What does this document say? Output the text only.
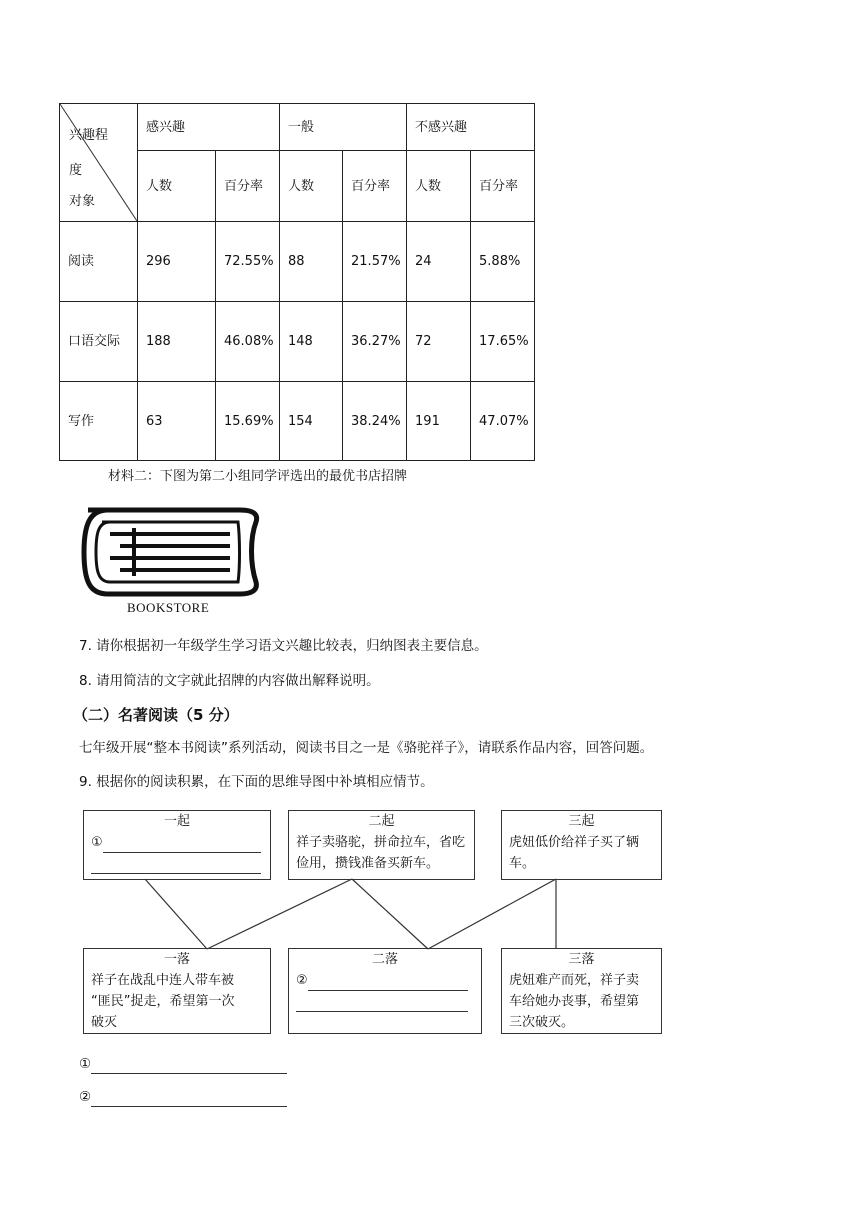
兴趣程
度
对象	感兴趣		一般		不感兴趣	
	人数	百分率	人数	百分率	人数	百分率
阅读	296	72.55%	88	21.57%	24	5.88%
口语交际	188	46.08%	148	36.27%	72	17.65%
写作	63	15.69%	154	38.24%	191	47.07%
材料二：下图为第二小组同学评选出的最优书店招牌
BOOKSTORE
7. 请你根据初一年级学生学习语文兴趣比较表，归纳图表主要信息。
8. 请用简洁的文字就此招牌的内容做出解释说明。
（二）名著阅读（5 分）
七年级开展“整本书阅读”系列活动，阅读书目之一是《骆驼祥子》，请联系作品内容，回答问题。
9. 根据你的阅读积累，在下面的思维导图中补填相应情节。
一起
①
二起
祥子卖骆驼，拼命拉车，省吃
俭用，攒钱准备买新车。
三起
虎妞低价给祥子买了辆
车。
一落
祥子在战乱中连人带车被
“匪民”捉走，希望第一次
破灭
二落
②
三落
虎妞难产而死，祥子卖
车给她办丧事，希望第
三次破灭。
①
②
